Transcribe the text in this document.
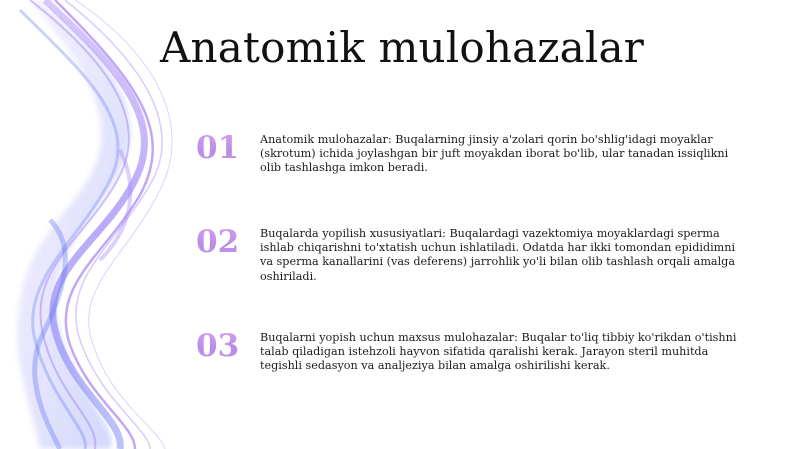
Anatomik mulohazalar
01	Anatomik mulohazalar: Buqalarning jinsiy a'zolari qorin bo'shlig'idagi moyaklar (skrotum) ichida joylashgan bir juft moyakdan iborat bo'lib, ular tanadan issiqlikni olib tashlashga imkon beradi.

02	Buqalarda yopilish xususiyatlari: Buqalardagi vazektomiya moyaklardagi sperma ishlab chiqarishni to'xtatish uchun ishlatiladi. Odatda har ikki tomondan epididimni va sperma kanallarini (vas deferens) jarrohlik yo'li bilan olib tashlash orqali amalga oshiriladi.

03	Buqalarni yopish uchun maxsus mulohazalar: Buqalar to'liq tibbiy ko'rikdan o'tishni talab qiladigan istehzoli hayvon sifatida qaralishi kerak. Jarayon steril muhitda tegishli sedasyon va analjeziya bilan amalga oshirilishi kerak.
